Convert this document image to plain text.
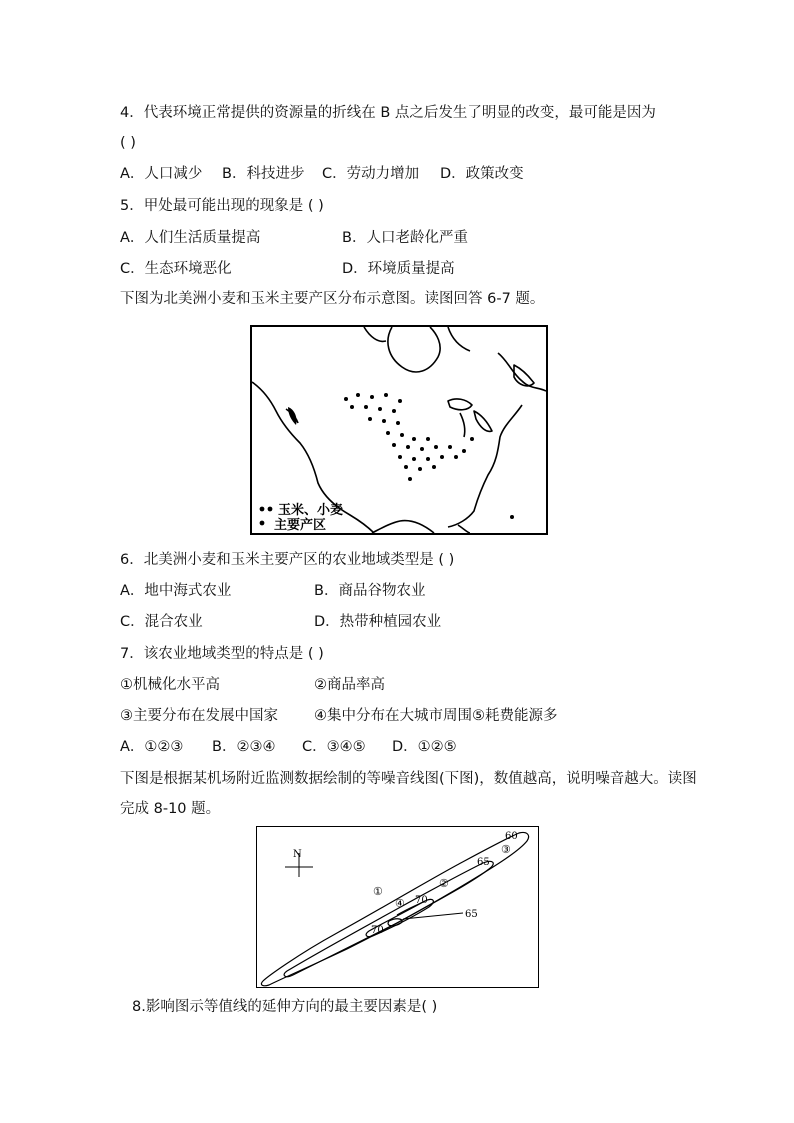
4．代表环境正常提供的资源量的折线在 B 点之后发生了明显的改变，最可能是因为
( )
A．人口减少 B．科技进步 C．劳动力增加 D．政策改变
5．甲处最可能出现的现象是 ( )
A．人们生活质量提高	B．人口老龄化严重
C．生态环境恶化	D．环境质量提高
下图为北美洲小麦和玉米主要产区分布示意图。读图回答 6-7 题。
玉米、小麦
主要产区
6．北美洲小麦和玉米主要产区的农业地域类型是 ( )
A．地中海式农业	B．商品谷物农业
C．混合农业	D．热带种植园农业
7．该农业地域类型的特点是 ( )
①机械化水平高	②商品率高
③主要分布在发展中国家 ④集中分布在大城市周围⑤耗费能源多
A．①②③ B．②③④ C．③④⑤ D．①②⑤
下图是根据某机场附近监测数据绘制的等噪音线图(下图)，数值越高，说明噪音越大。读图
完成 8-10 题。
N
60
65
70
65
70
①
②
③
④
8.影响图示等值线的延伸方向的最主要因素是( )
